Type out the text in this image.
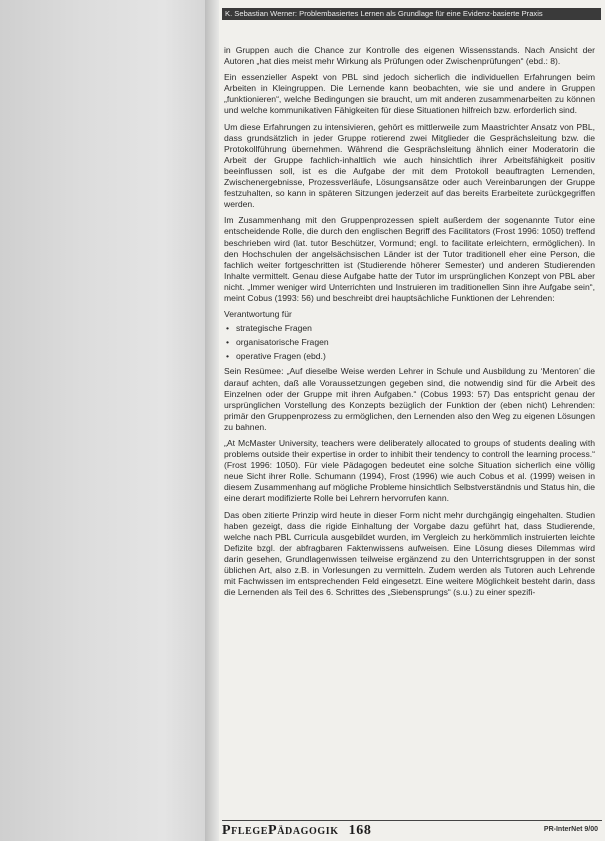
K. Sebastian Werner: Problembasiertes Lernen als Grundlage für eine Evidenz-basierte Praxis

in Gruppen auch die Chance zur Kontrolle des eigenen Wissensstands. Nach Ansicht der Autoren „hat dies meist mehr Wirkung als Prüfungen oder Zwischenprüfungen“ (ebd.: 8).

Ein essenzieller Aspekt von PBL sind jedoch sicherlich die individuellen Erfahrungen beim Arbeiten in Kleingruppen. Die Lernende kann beobachten, wie sie und andere in Gruppen „funktionieren“, welche Bedingungen sie braucht, um mit anderen zusammenarbeiten zu können und welche kommunikativen Fähigkeiten für diese Situationen hilfreich bzw. erforderlich sind.

Um diese Erfahrungen zu intensivieren, gehört es mittlerweile zum Maastrichter Ansatz von PBL, dass grundsätzlich in jeder Gruppe rotierend zwei Mitglieder die Gesprächsleitung bzw. die Protokollführung übernehmen. Während die Gesprächsleitung ähnlich einer Moderatorin die Arbeit der Gruppe fachlich-inhaltlich wie auch hinsichtlich ihrer Arbeitsfähigkeit positiv beeinflussen soll, ist es die Aufgabe der mit dem Protokoll beauftragten Lernenden, Zwischenergebnisse, Prozessverläufe, Lösungsansätze oder auch Vereinbarungen der Gruppe festzuhalten, so kann in späteren Sitzungen jederzeit auf das bereits Erarbeitete zurückgegriffen werden.

Im Zusammenhang mit den Gruppenprozessen spielt außerdem der sogenannte Tutor eine entscheidende Rolle, die durch den englischen Begriff des Facilitators (Frost 1996: 1050) treffend beschrieben wird (lat. tutor Beschützer, Vormund; engl. to facilitate erleichtern, ermöglichen). In den Hochschulen der angelsächsischen Länder ist der Tutor traditionell eher eine Person, die fachlich weiter fortgeschritten ist (Studierende höherer Semester) und anderen Studierenden Inhalte vermittelt. Genau diese Aufgabe hatte der Tutor im ursprünglichen Konzept von PBL aber nicht. „Immer weniger wird Unterrichten und Instruieren im traditionellen Sinn ihre Aufgabe sein“, meint Cobus (1993: 56) und beschreibt drei hauptsächliche Funktionen der Lehrenden:

Verantwortung für

• strategische Fragen
• organisatorische Fragen
• operative Fragen (ebd.)

Sein Resümee: „Auf dieselbe Weise werden Lehrer in Schule und Ausbildung zu ‘Mentoren’ die darauf achten, daß alle Voraussetzungen gegeben sind, die notwendig sind für die Arbeit des Einzelnen oder der Gruppe mit ihren Aufgaben.“ (Cobus 1993: 57) Das entspricht genau der ursprünglichen Vorstellung des Konzepts bezüglich der Funktion der (eben nicht) Lehrenden: primär den Gruppenprozess zu ermöglichen, den Lernenden also den Weg zu eigenen Lösungen zu bahnen.

„At McMaster University, teachers were deliberately allocated to groups of students dealing with problems outside their expertise in order to inhibit their tendency to controll the learning process.“ (Frost 1996: 1050). Für viele Pädagogen bedeutet eine solche Situation sicherlich eine völlig neue Sicht ihrer Rolle. Schumann (1994), Frost (1996) wie auch Cobus et al. (1999) weisen in diesem Zusammenhang auf mögliche Probleme hinsichtlich Selbstverständnis und Status hin, die eine derart modifizierte Rolle bei Lehrern hervorrufen kann.

Das oben zitierte Prinzip wird heute in dieser Form nicht mehr durchgängig eingehalten. Studien haben gezeigt, dass die rigide Einhaltung der Vorgabe dazu geführt hat, dass Studierende, welche nach PBL Curricula ausgebildet wurden, im Vergleich zu herkömmlich instruierten leichte Defizite bzgl. der abfragbaren Faktenwissens aufweisen. Eine Lösung dieses Dilemmas wird darin gesehen, Grundlagenwissen teilweise ergänzend zu den Unterrichtsgruppen in der sonst üblichen Art, also z.B. in Vorlesungen zu vermitteln. Zudem werden als Tutoren auch Lehrende mit Fachwissen im entsprechenden Feld eingesetzt. Eine weitere Möglichkeit besteht darin, dass die Lernenden als Teil des 6. Schrittes des „Siebensprungs“ (s.u.) zu einer spezifi-

PflegePädagogik 168	PR-InterNet 9/00
